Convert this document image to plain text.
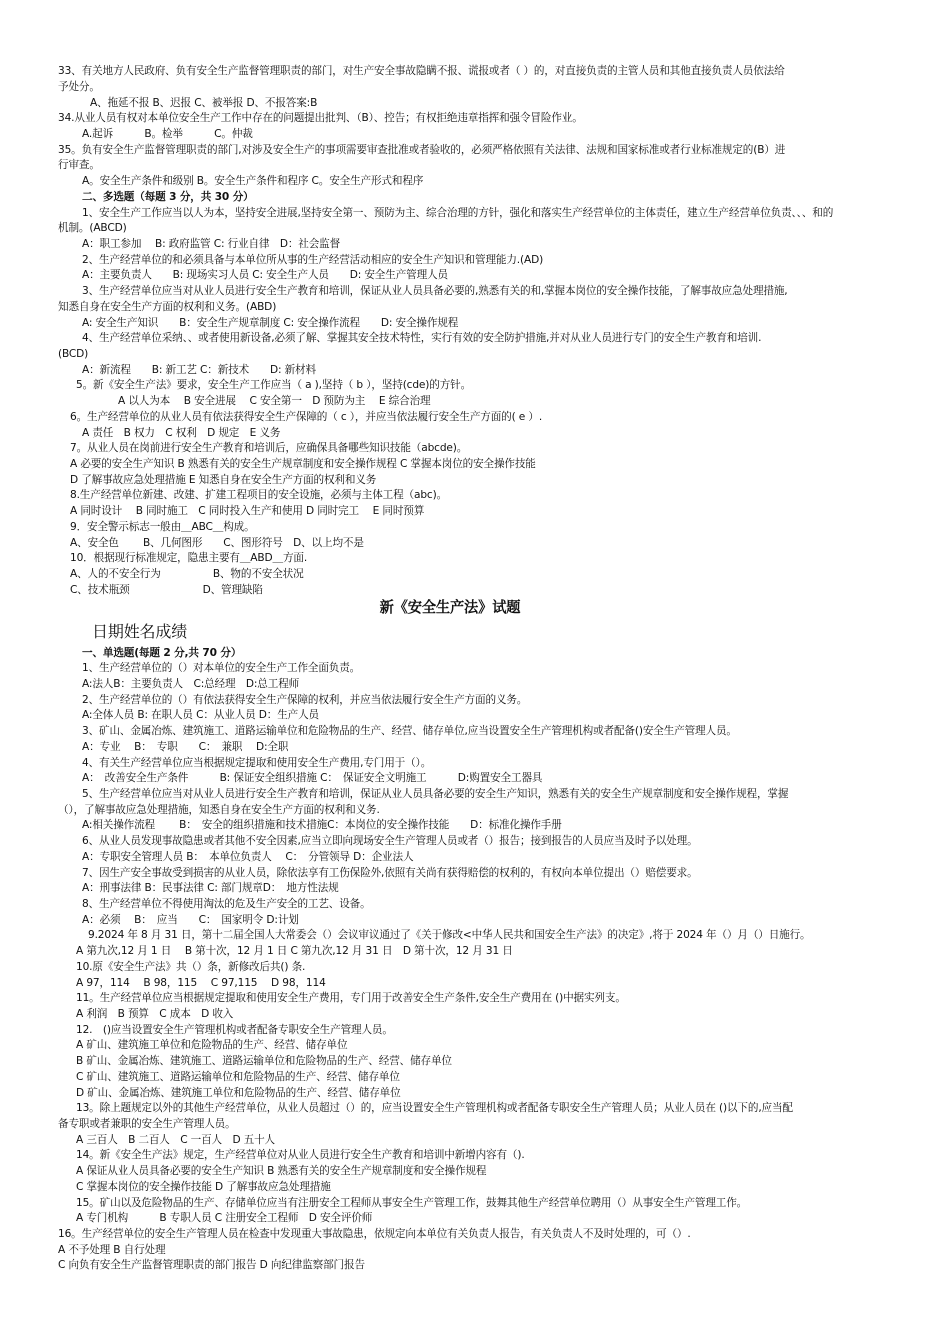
33、有关地方人民政府、负有安全生产监督管理职责的部门，对生产安全事故隐瞒不报、谎报或者（ ）的，对直接负责的主管人员和其他直接负责人员依法给
予处分。
A、拖延不报 B、迟报 C、被举报 D、不报答案:B
34.从业人员有权对本单位安全生产工作中存在的问题提出批判、（B）、控告；有权拒绝违章指挥和强令冒险作业。
A.起诉　　　B。检举　　　C。仲裁
35。负有安全生产监督管理职责的部门,对涉及安全生产的事项需要审查批准或者验收的，必须严格依照有关法律、法规和国家标准或者行业标准规定的(B）进
行审查。
A。安全生产条件和级别 B。安全生产条件和程序 C。安全生产形式和程序
二、多选题（每题 3 分，共 30 分）
1、安全生产工作应当以人为本，坚持安全进展,坚持安全第一、预防为主、综合治理的方针，强化和落实生产经营单位的主体责任，建立生产经营单位负责、、、和的
机制。(ABCD)
A：职工参加　 B: 政府监管 C: 行业自律　D：社会监督
2、生产经营单位的和必须具备与本单位所从事的生产经营活动相应的安全生产知识和管理能力.(AD)
A：主要负责人　　B: 现场实习人员 C: 安全生产人员　　D: 安全生产管理人员
3、生产经营单位应当对从业人员进行安全生产教育和培训，保证从业人员具备必要的,熟悉有关的和,掌握本岗位的安全操作技能，了解事故应急处理措施,
知悉自身在安全生产方面的权利和义务。(ABD)
A: 安全生产知识　　B：安全生产规章制度 C: 安全操作流程　　D: 安全操作规程
4、生产经营单位采纳、、或者使用新设备,必须了解、掌握其安全技术特性，实行有效的安全防护措施,并对从业人员进行专门的安全生产教育和培训.
(BCD)
A：新流程　　B: 新工艺 C：新技术　　D: 新材料
5。新《安全生产法》要求，安全生产工作应当（ a ),坚持（ b ），坚持(cde)的方针。
A 以人为本　 B 安全进展　 C 安全第一　D 预防为主　 E 综合治理
6。生产经营单位的从业人员有依法获得安全生产保障的（ c ），并应当依法履行安全生产方面的( e ）.
A 责任　B 权力　C 权利　D 规定　E 义务
7。从业人员在岗前进行安全生产教育和培训后，应确保具备哪些知识技能（abcde)。
A 必要的安全生产知识 B 熟悉有关的安全生产规章制度和安全操作规程 C 掌握本岗位的安全操作技能
D 了解事故应急处理措施 E 知悉自身在安全生产方面的权利和义务
8.生产经营单位新建、改建、扩建工程项目的安全设施，必须与主体工程（abc)。
A 同时设计　 B 同时施工　C 同时投入生产和使用 D 同时完工　 E 同时预算
9．安全警示标志一般由＿ABC＿构成。
A、安全色　　 B、几何图形　　C、图形符号　D、以上均不是
10．根据现行标准规定，隐患主要有＿ABD＿方面.
A、人的不安全行为　　　　　B、物的不安全状况
C、技术瓶颈　　　　　　　D、管理缺陷
新《安全生产法》试题
日期姓名成绩
一、单选题(每题 2 分,共 70 分）
1、生产经营单位的（）对本单位的安全生产工作全面负责。
A:法人B：主要负责人　C:总经理　D:总工程师
2、生产经营单位的（）有依法获得安全生产保障的权利，并应当依法履行安全生产方面的义务。
A:全体人员 B: 在职人员 C：从业人员 D：生产人员
3、矿山、金属冶炼、建筑施工、道路运输单位和危险物品的生产、经营、储存单位,应当设置安全生产管理机构或者配备()安全生产管理人员。
A：专业　 B：　专职　　C：　兼职　 D:全职
4、有关生产经营单位应当根据规定提取和使用安全生产费用,专门用于（）。
A：　改善安全生产条件　　　B: 保证安全组织措施 C：　保证安全文明施工　　　D:购置安全工器具
5、生产经营单位应当对从业人员进行安全生产教育和培训，保证从业人员具备必要的安全生产知识，熟悉有关的安全生产规章制度和安全操作规程，掌握
（），了解事故应急处理措施，知悉自身在安全生产方面的权利和义务.
A:相关操作流程　　 B：　安全的组织措施和技术措施C：本岗位的安全操作技能　　D：标准化操作手册
6、从业人员发现事故隐患或者其他不安全因素,应当立即向现场安全生产管理人员或者（）报告；接到报告的人员应当及时予以处理。
A：专职安全管理人员 B：　本单位负责人　 C：　分管领导 D：企业法人
7、因生产安全事故受到损害的从业人员，除依法享有工伤保险外,依照有关尚有获得赔偿的权利的，有权向本单位提出（）赔偿要求。
A：刑事法律 B：民事法律 C: 部门规章D：　地方性法规
8、生产经营单位不得使用淘汰的危及生产安全的工艺、设备。
A：必须　 B：　应当　　C：　国家明令 D:计划
9.2024 年 8 月 31 日，第十二届全国人大常委会（）会议审议通过了《关于修改<中华人民共和国安全生产法》的决定》,将于 2024 年（）月（）日施行。
A 第九次,12 月 1 日　 B 第十次，12 月 1 日 C 第九次,12 月 31 日　D 第十次，12 月 31 日
10.原《安全生产法》共（）条，新修改后共() 条.
A 97，114　 B 98，115　 C 97,115　 D 98，114
11。生产经营单位应当根据规定提取和使用安全生产费用，专门用于改善安全生产条件,安全生产费用在 ()中据实列支。
A 利润　B 预算　C 成本　D 收入
12.　()应当设置安全生产管理机构或者配备专职安全生产管理人员。
A 矿山、建筑施工单位和危险物品的生产、经营、储存单位
B 矿山、金属冶炼、建筑施工、道路运输单位和危险物品的生产、经营、储存单位
C 矿山、建筑施工、道路运输单位和危险物品的生产、经营、储存单位
D 矿山、金属冶炼、建筑施工单位和危险物品的生产、经营、储存单位
13。除上题规定以外的其他生产经营单位，从业人员超过（）的，应当设置安全生产管理机构或者配备专职安全生产管理人员；从业人员在 ()以下的,应当配
备专职或者兼职的安全生产管理人员。
A 三百人　B 二百人　C 一百人　D 五十人
14。新《安全生产法》规定，生产经营单位对从业人员进行安全生产教育和培训中新增内容有（).
A 保证从业人员具备必要的安全生产知识 B 熟悉有关的安全生产规章制度和安全操作规程
C 掌握本岗位的安全操作技能 D 了解事故应急处理措施
15。矿山以及危险物品的生产、存储单位应当有注册安全工程师从事安全生产管理工作，鼓舞其他生产经营单位聘用（）从事安全生产管理工作。
A 专门机构　　　B 专职人员 C 注册安全工程师　D 安全评价师
16。生产经营单位的安全生产管理人员在检查中发现重大事故隐患，依规定向本单位有关负责人报告，有关负责人不及时处理的，可（）.
A 不予处理 B 自行处理
C 向负有安全生产监督管理职责的部门报告 D 向纪律监察部门报告
